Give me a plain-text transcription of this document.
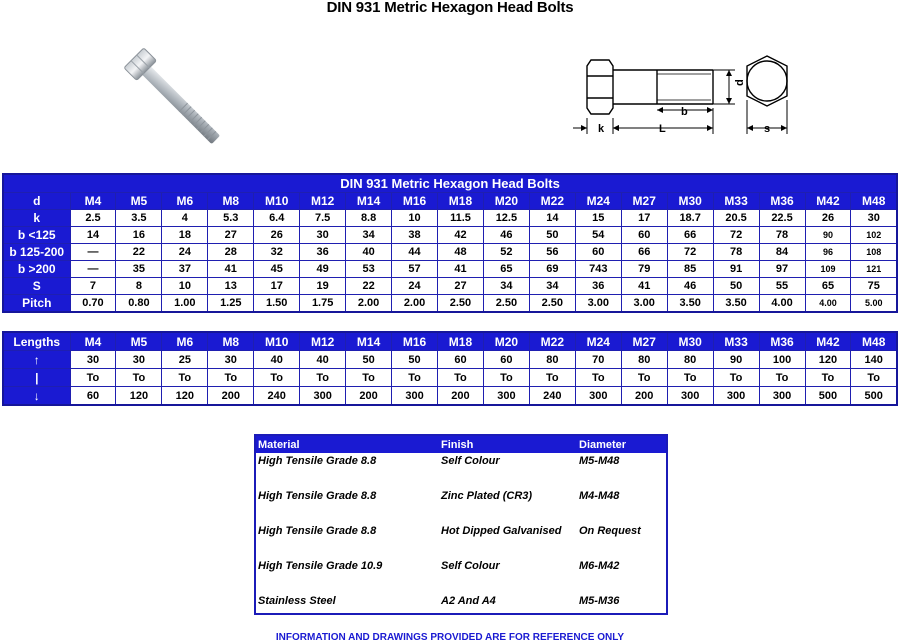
DIN 931 Metric Hexagon Head Bolts
k	L
b
d
s
DIN 931 Metric Hexagon Head Bolts																		
d	M4	M5	M6	M8	M10	M12	M14	M16	M18	M20	M22	M24	M27	M30	M33	M36	M42	M48
k	2.5	3.5	4	5.3	6.4	7.5	8.8	10	11.5	12.5	14	15	17	18.7	20.5	22.5	26	30
b <125	14	16	18	27	26	30	34	38	42	46	50	54	60	66	72	78	90	102
b 125-200	—	22	24	28	32	36	40	44	48	52	56	60	66	72	78	84	96	108
b >200	—	35	37	41	45	49	53	57	41	65	69	743	79	85	91	97	109	121
S	7	8	10	13	17	19	22	24	27	34	34	36	41	46	50	55	65	75
Pitch	0.70	0.80	1.00	1.25	1.50	1.75	2.00	2.00	2.50	2.50	2.50	3.00	3.00	3.50	3.50	4.00	4.00	5.00
Lengths	M4	M5	M6	M8	M10	M12	M14	M16	M18	M20	M22	M24	M27	M30	M33	M36	M42	M48
↑	30	30	25	30	40	40	50	50	60	60	80	70	80	80	90	100	120	140
|	To	To	To	To	To	To	To	To	To	To	To	To	To	To	To	To	To	To
↓	60	120	120	200	240	300	200	300	200	300	240	300	200	300	300	300	500	500
Material	Finish	Diameter
High Tensile Grade 8.8	Self Colour	M5-M48
High Tensile Grade 8.8	Zinc Plated (CR3)	M4-M48
High Tensile Grade 8.8	Hot Dipped Galvanised	On Request
High Tensile Grade 10.9	Self Colour	M6-M42
Stainless Steel	A2 And A4	M5-M36
INFORMATION AND DRAWINGS PROVIDED ARE FOR REFERENCE ONLY
